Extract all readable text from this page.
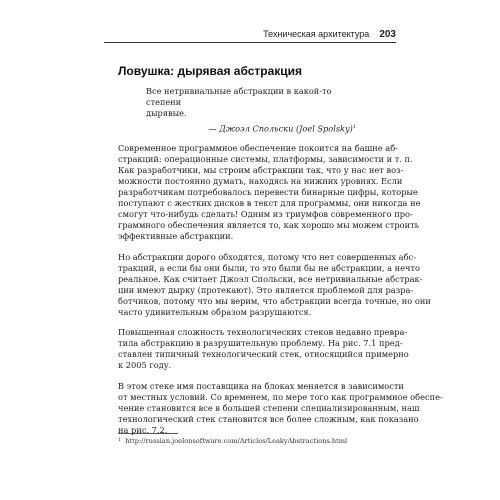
Техническая архитектура 203
Ловушка: дырявая абстракция

Все нетривиальные абстракции в какой-то степени
дырявые.

— Джоэл Спольски (Joel Spolsky)$^1$

Современное программное обеспечение покоится на башне аб-
стракций: операционные системы, платформы, зависимости и т. п.
Как разработчики, мы строим абстракции так, что у нас нет воз-
можности постоянно думать, находясь на нижних уровнях. Если
разработчикам потребовалось перевести бинарные цифры, которые
поступают с жестких дисков в текст для программы, они никогда не
смогут что-нибудь сделать! Одним из триумфов современного про-
граммного обеспечения является то, как хорошо мы можем строить
эффективные абстракции.

Но абстракции дорого обходятся, потому что нет совершенных абс-
тракций, а если бы они были, то это были бы не абстракции, а нечто
реальное. Как считает Джоэл Спольски, все нетривиальные абстрак-
ции имеют дырку (протекают). Это является проблемой для разра-
ботчиков, потому что мы верим, что абстракции всегда точные, но они
часто удивительным образом разрушаются.

Повышенная сложность технологических стеков недавно превра-
тила абстракцию в разрушительную проблему. На рис. 7.1 пред-
ставлен типичный технологический стек, относящийся примерно
к 2005 году.

В этом стеке имя поставщика на блоках меняется в зависимости
от местных условий. Со временем, по мере того как программное обеспе-
чение становится все в большей степени специализированным, наш
технологический стек становится все более сложным, как показано
на рис. 7.2.

$^1$ http://russian.joelonsoftware.com/Articles/LeakyAbstractions.html
